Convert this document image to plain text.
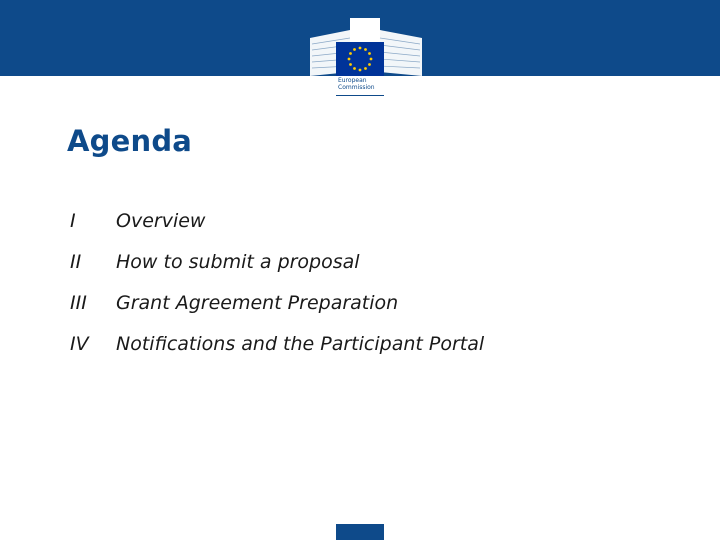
European
Commission
Agenda
I Overview
II How to submit a proposal
III Grant Agreement Preparation
IV Notifications and the Participant Portal
